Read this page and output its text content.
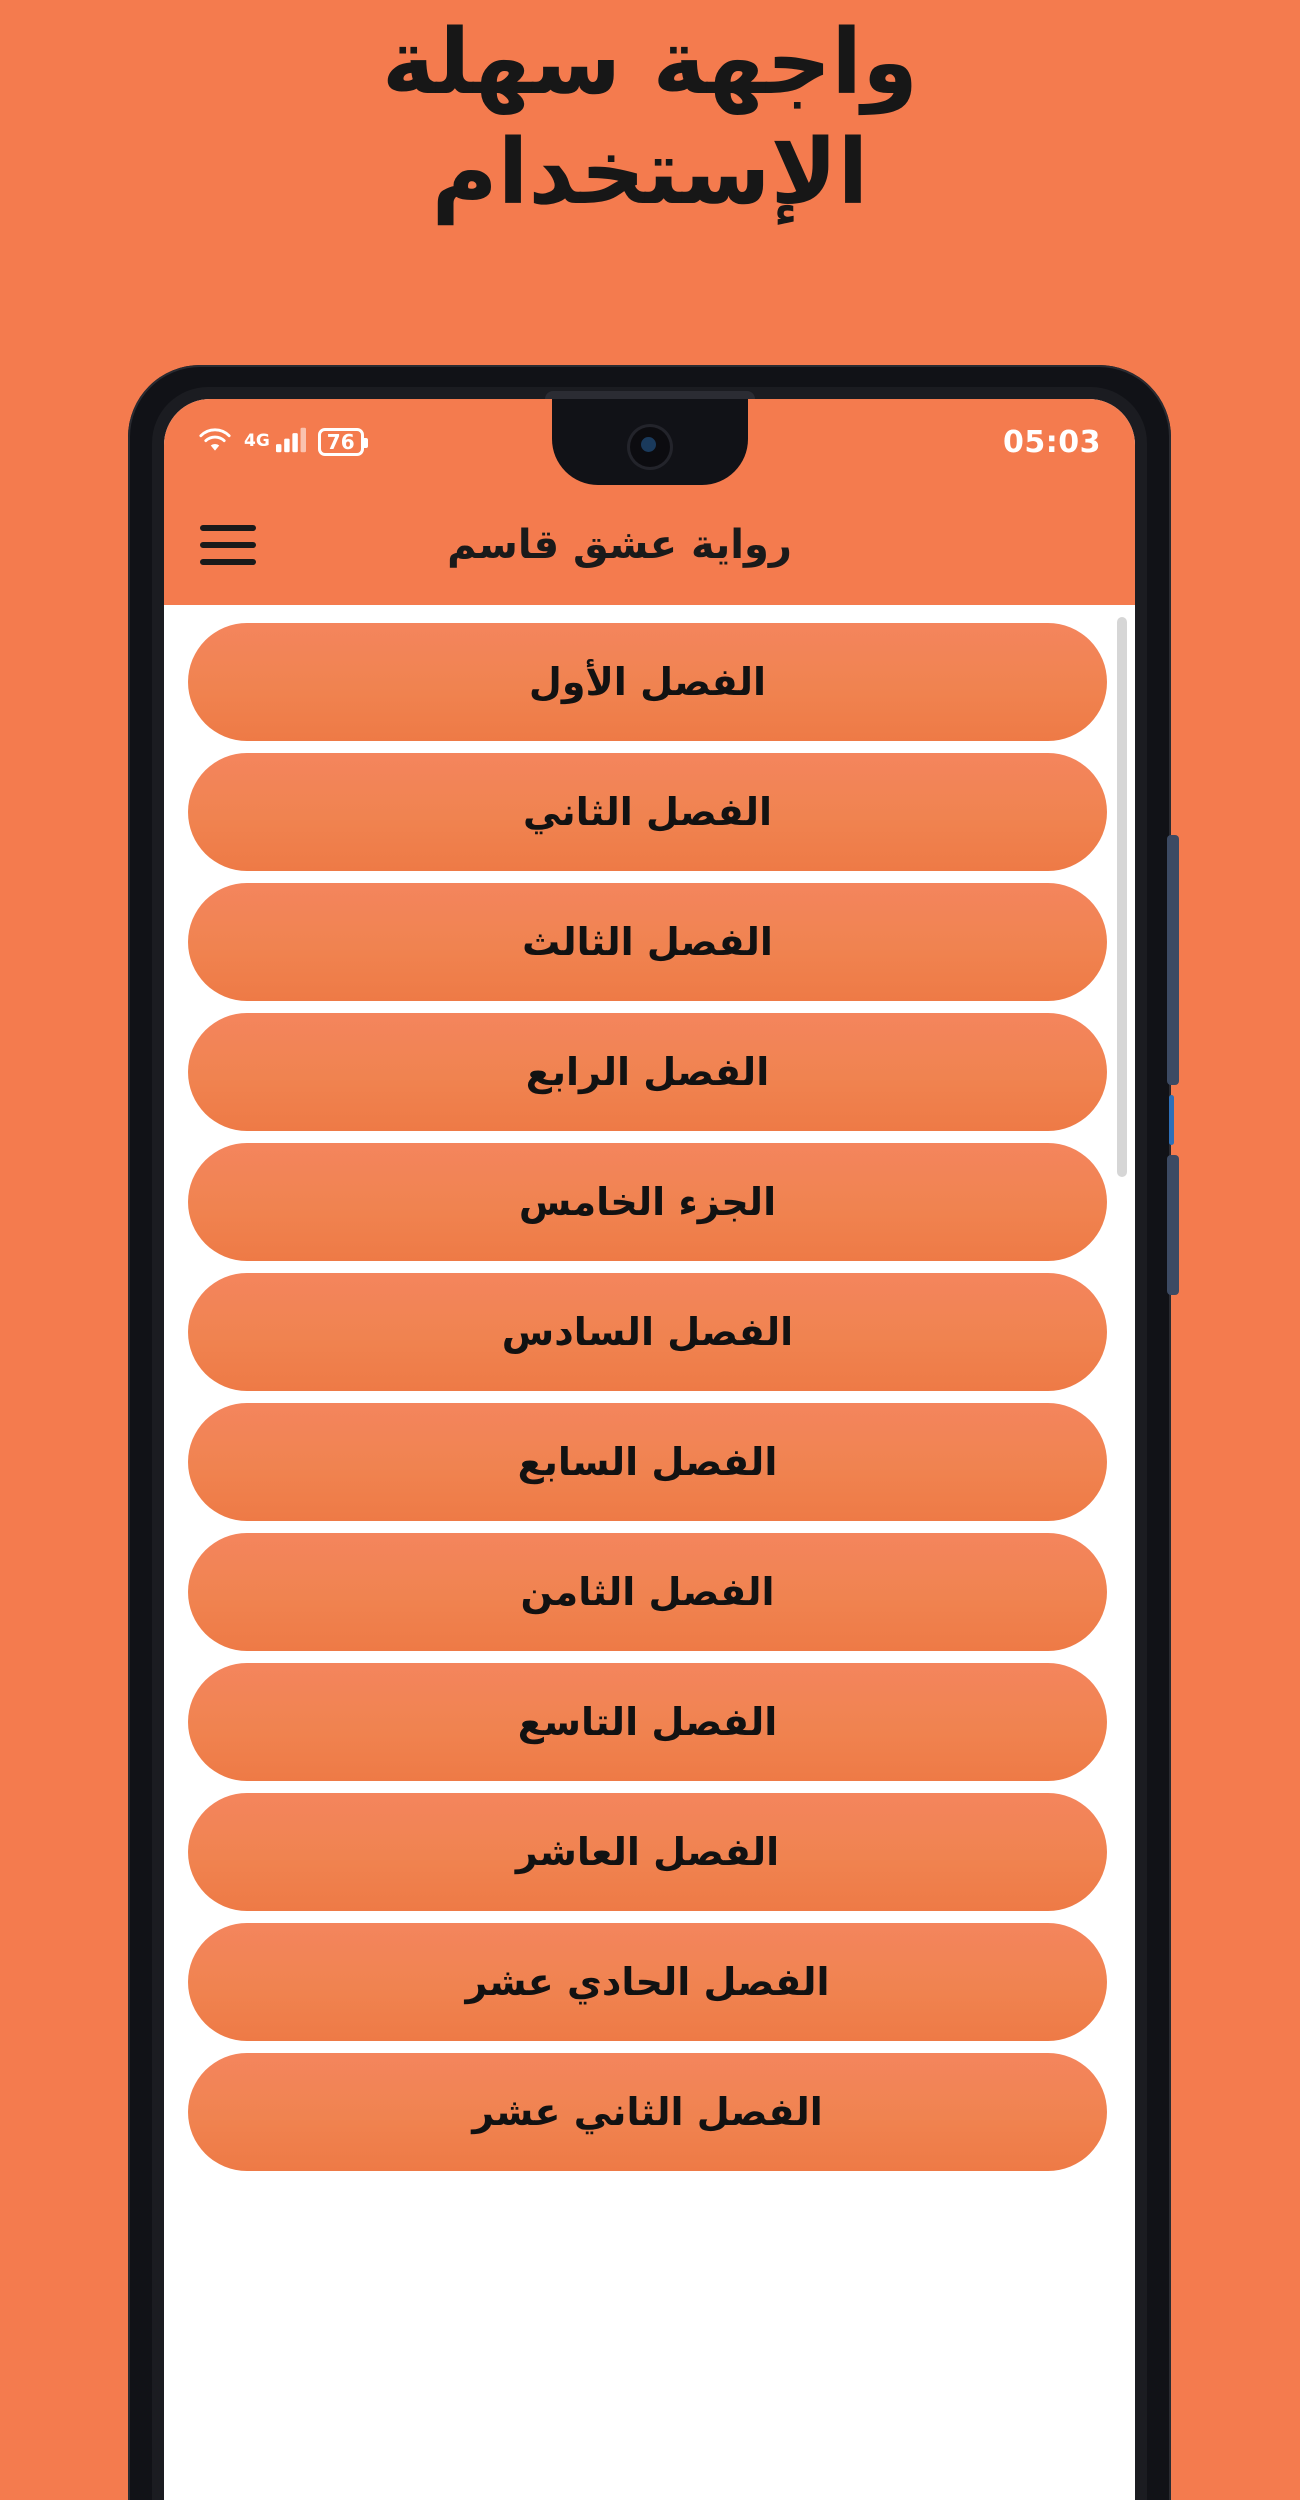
واجهة سهلة
الإستخدام
05:03
4G	76
رواية عشق قاسم
الفصل الأول
الفصل الثاني
الفصل الثالث
الفصل الرابع
الجزء الخامس
الفصل السادس
الفصل السابع
الفصل الثامن
الفصل التاسع
الفصل العاشر
الفصل الحادي عشر
الفصل الثاني عشر
